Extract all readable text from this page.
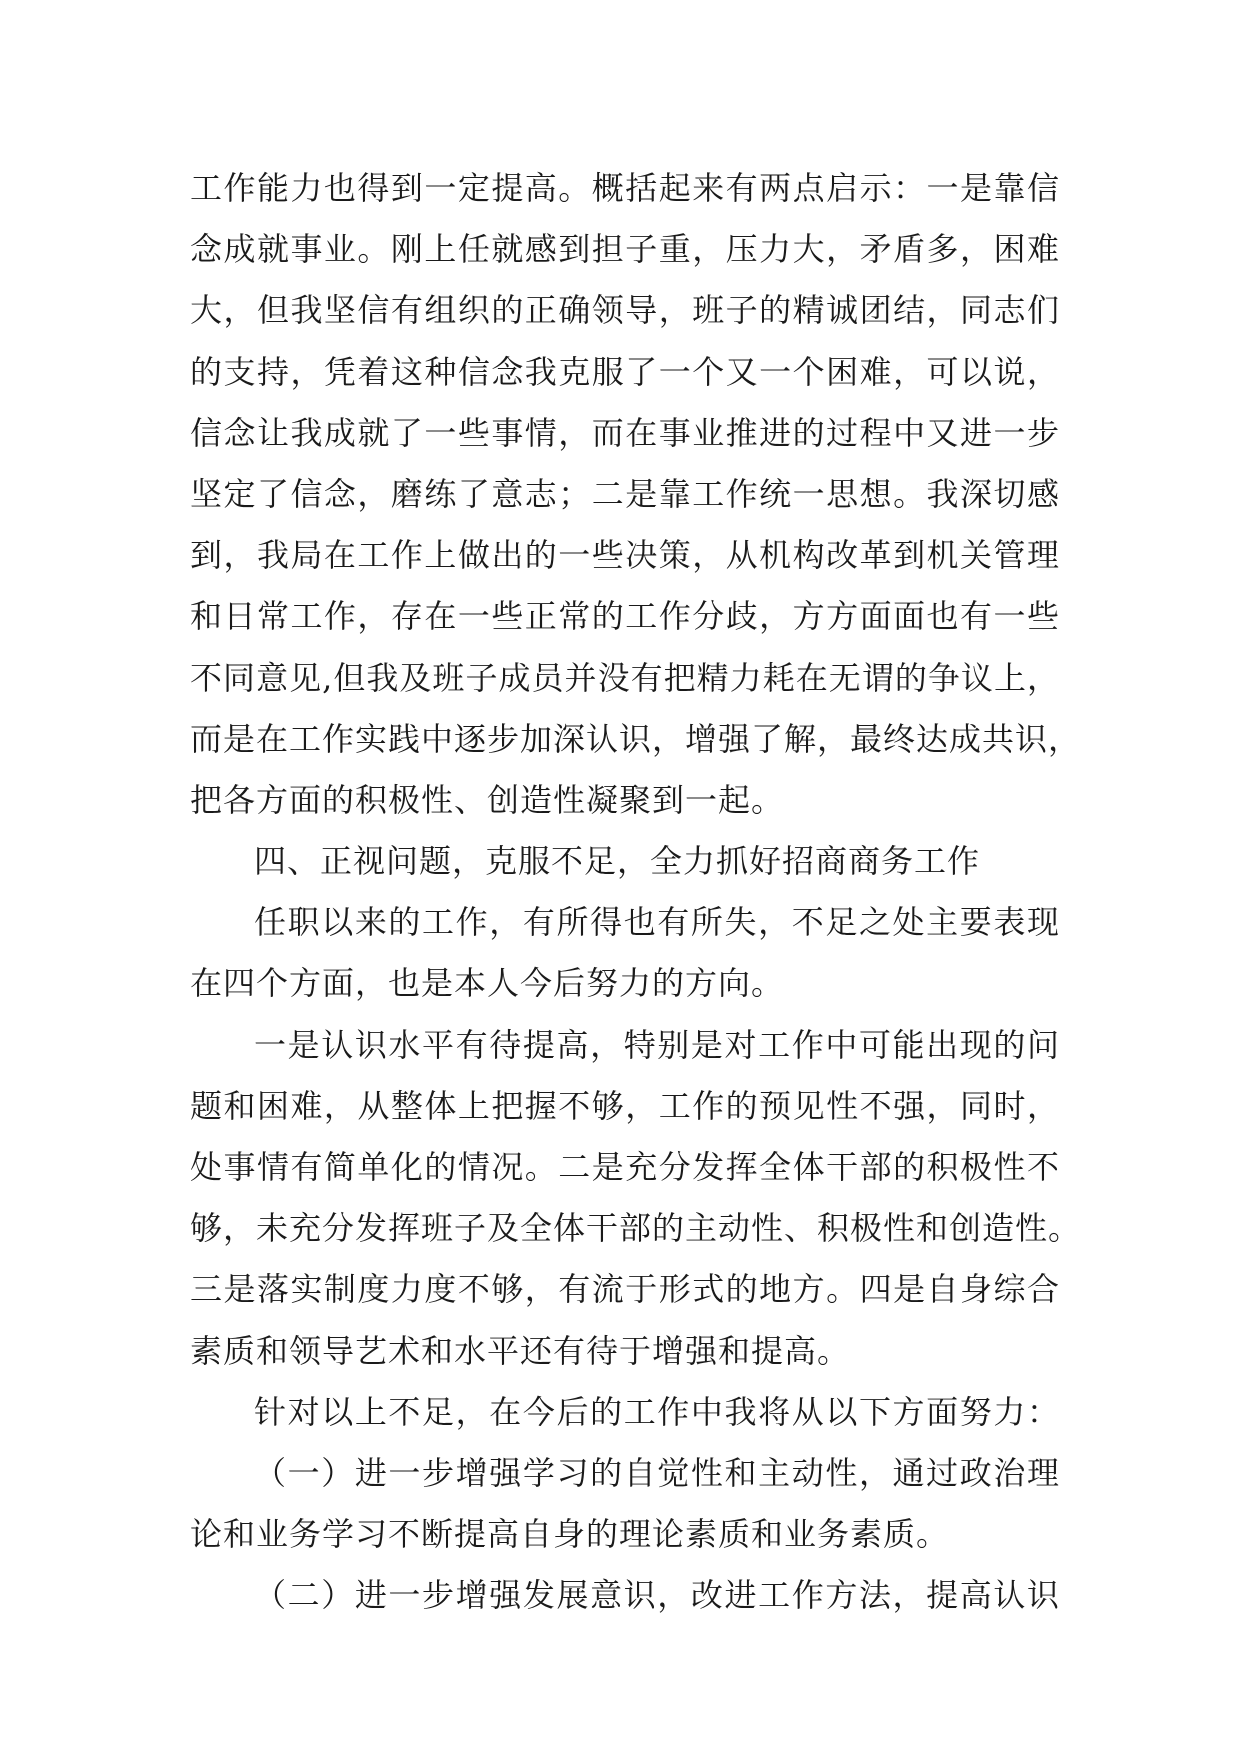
工作能力也得到一定提高。概括起来有两点启示：一是靠信
念成就事业。刚上任就感到担子重，压力大，矛盾多，困难
大，但我坚信有组织的正确领导，班子的精诚团结，同志们
的支持，凭着这种信念我克服了一个又一个困难，可以说，
信念让我成就了一些事情，而在事业推进的过程中又进一步
坚定了信念，磨练了意志；二是靠工作统一思想。我深切感
到，我局在工作上做出的一些决策，从机构改革到机关管理
和日常工作，存在一些正常的工作分歧，方方面面也有一些
不同意见,但我及班子成员并没有把精力耗在无谓的争议上，
而是在工作实践中逐步加深认识，增强了解，最终达成共识，
把各方面的积极性、创造性凝聚到一起。
四、正视问题，克服不足，全力抓好招商商务工作
任职以来的工作，有所得也有所失，不足之处主要表现
在四个方面，也是本人今后努力的方向。
一是认识水平有待提高，特别是对工作中可能出现的问
题和困难，从整体上把握不够，工作的预见性不强，同时，
处事情有简单化的情况。二是充分发挥全体干部的积极性不
够，未充分发挥班子及全体干部的主动性、积极性和创造性。
三是落实制度力度不够，有流于形式的地方。四是自身综合
素质和领导艺术和水平还有待于增强和提高。
针对以上不足，在今后的工作中我将从以下方面努力：
（一）进一步增强学习的自觉性和主动性，通过政治理
论和业务学习不断提高自身的理论素质和业务素质。
（二）进一步增强发展意识，改进工作方法，提高认识
